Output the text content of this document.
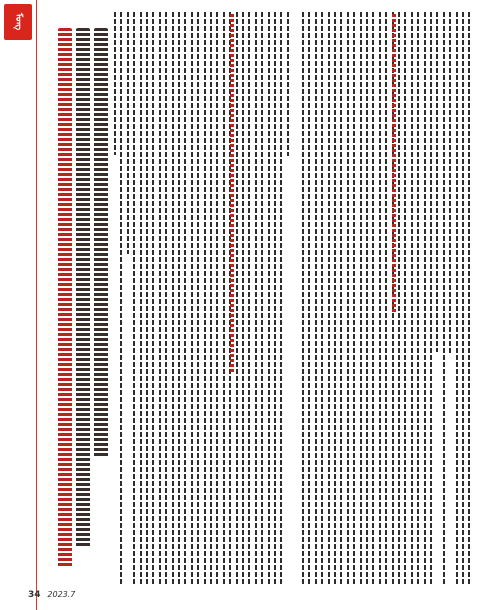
ᠮᠣᠩ
34 2023.7
